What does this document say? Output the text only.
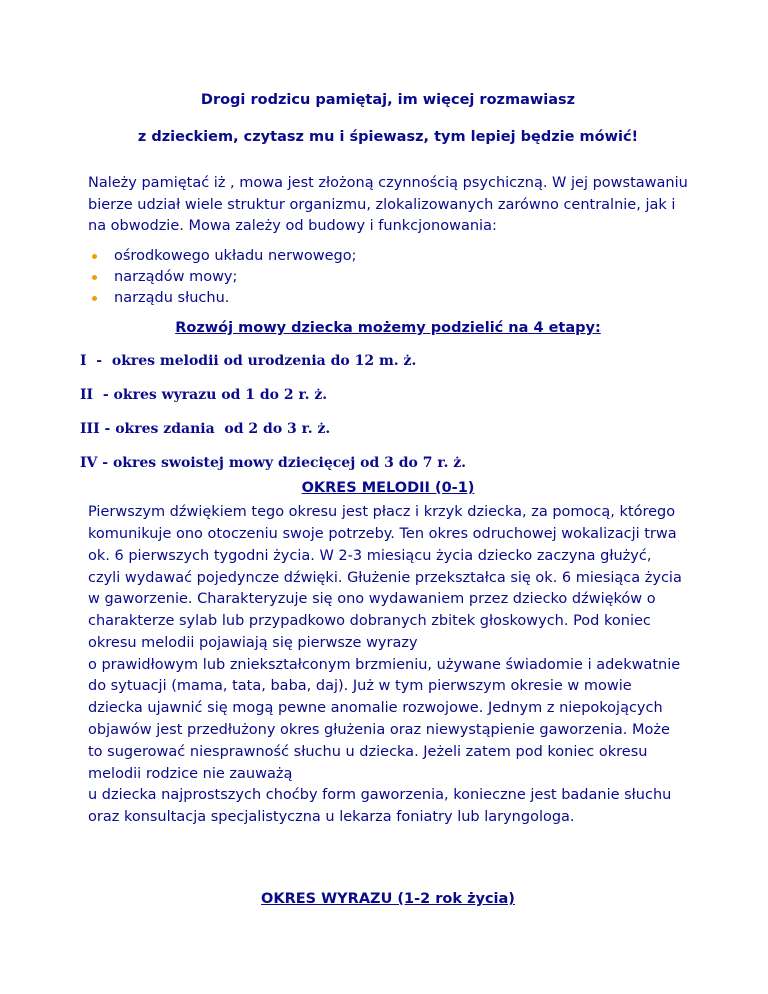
Drogi rodzicu pamiętaj, im więcej rozmawiasz

z dzieckiem, czytasz mu i śpiewasz, tym lepiej będzie mówić!

Należy pamiętać iż , mowa jest złożoną czynnością psychiczną. W jej powstawaniu bierze udział wiele struktur organizmu, zlokalizowanych zarówno centralnie, jak i na obwodzie. Mowa zależy od budowy i funkcjonowania:

ośrodkowego układu nerwowego;
narządów mowy;
narządu słuchu.

Rozwój mowy dziecka możemy podzielić na 4 etapy:

I  -  okres melodii od urodzenia do 12 m. ż.

II  - okres wyrazu od 1 do 2 r. ż.

III - okres zdania  od 2 do 3 r. ż.

IV - okres swoistej mowy dziecięcej od 3 do 7 r. ż.

OKRES MELODII (0-1)

Pierwszym dźwiękiem tego okresu jest płacz i krzyk dziecka, za pomocą, którego komunikuje ono otoczeniu swoje potrzeby. Ten okres odruchowej wokalizacji trwa ok. 6 pierwszych tygodni życia. W 2-3 miesiącu życia dziecko zaczyna głużyć, czyli wydawać pojedyncze dźwięki. Głużenie przekształca się ok. 6 miesiąca życia w gaworzenie. Charakteryzuje się ono wydawaniem przez dziecko dźwięków o charakterze sylab lub przypadkowo dobranych zbitek głoskowych. Pod koniec okresu melodii pojawiają się pierwsze wyrazy

o prawidłowym lub zniekształconym brzmieniu, używane świadomie i adekwatnie do sytuacji (mama, tata, baba, daj). Już w tym pierwszym okresie w mowie dziecka ujawnić się mogą pewne anomalie rozwojowe. Jednym z niepokojących objawów jest przedłużony okres głużenia oraz niewystąpienie gaworzenia. Może to sugerować niesprawność słuchu u dziecka. Jeżeli zatem pod koniec okresu melodii rodzice nie zauważą

u dziecka najprostszych choćby form gaworzenia, konieczne jest badanie słuchu oraz konsultacja specjalistyczna u lekarza foniatry lub laryngologa.

OKRES WYRAZU (1-2 rok życia)
